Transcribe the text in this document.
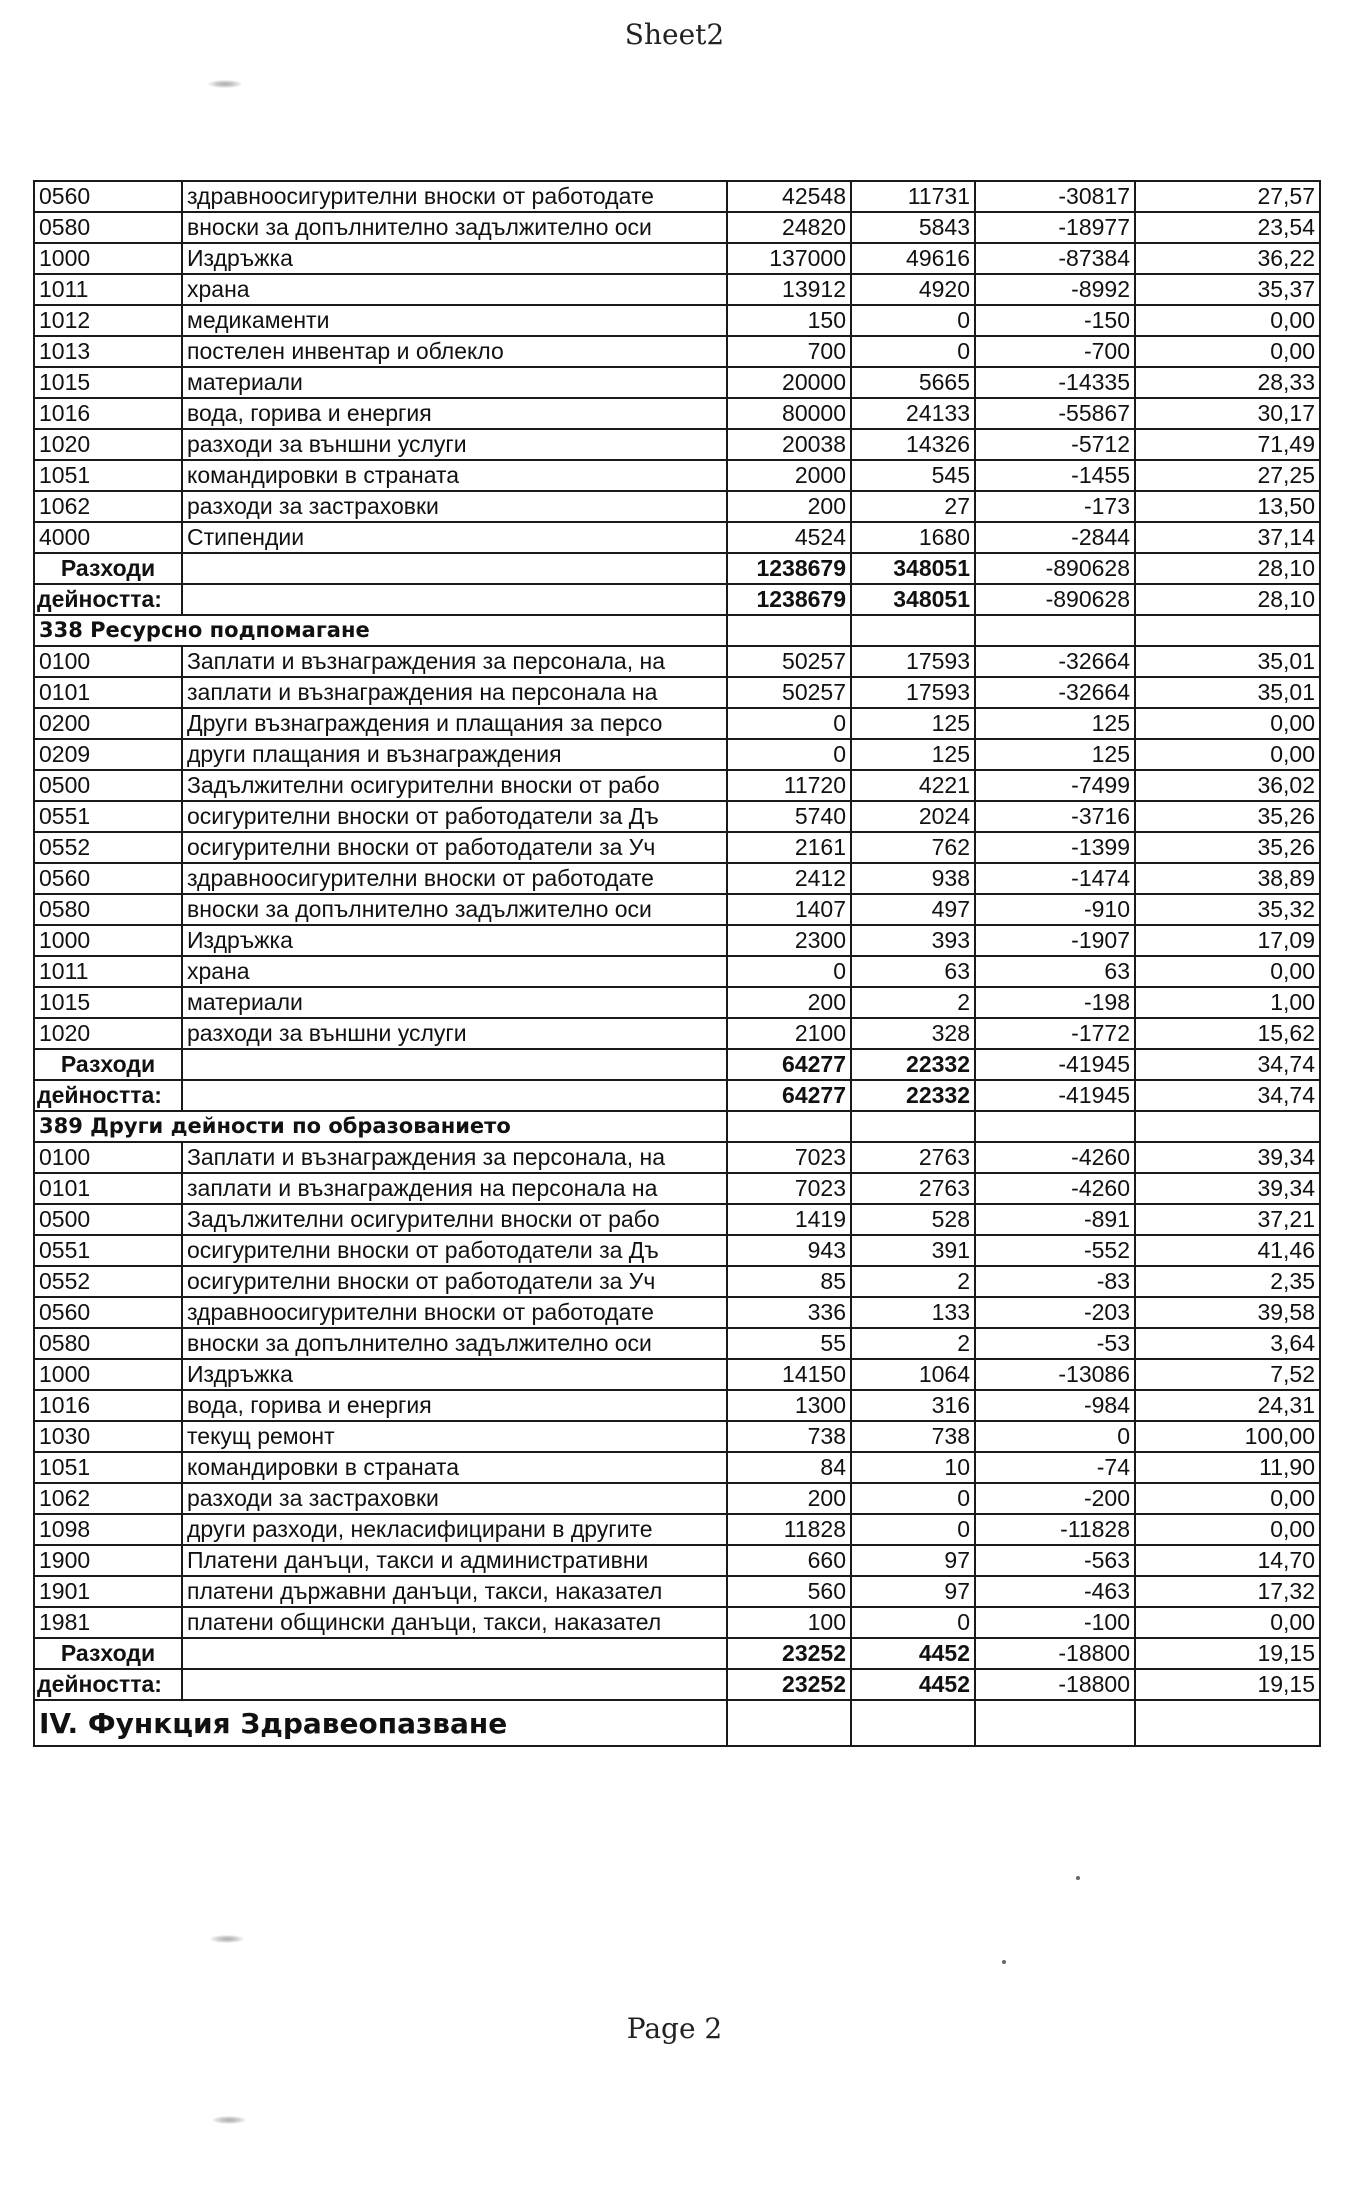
Sheet2
0560	здравноосигурителни вноски от работодате	42548	11731	-30817	27,57
0580	вноски за допълнително задължително оси	24820	5843	-18977	23,54
1000	Издръжка	137000	49616	-87384	36,22
1011	храна	13912	4920	-8992	35,37
1012	медикаменти	150	0	-150	0,00
1013	постелен инвентар и облекло	700	0	-700	0,00
1015	материали	20000	5665	-14335	28,33
1016	вода, горива и енергия	80000	24133	-55867	30,17
1020	разходи за външни услуги	20038	14326	-5712	71,49
1051	командировки в страната	2000	545	-1455	27,25
1062	разходи за застраховки	200	27	-173	13,50
4000	Стипендии	4524	1680	-2844	37,14
Разходи		1238679	348051	-890628	28,10
дейността:		1238679	348051	-890628	28,10
338 Ресурсно подпомагане					
0100	Заплати и възнаграждения за персонала, на	50257	17593	-32664	35,01
0101	заплати и възнаграждения на персонала на	50257	17593	-32664	35,01
0200	Други възнаграждения и плащания за персо	0	125	125	0,00
0209	други плащания и възнаграждения	0	125	125	0,00
0500	Задължителни осигурителни вноски от рабо	11720	4221	-7499	36,02
0551	осигурителни вноски от работодатели за Дъ	5740	2024	-3716	35,26
0552	осигурителни вноски от работодатели за Уч	2161	762	-1399	35,26
0560	здравноосигурителни вноски от работодате	2412	938	-1474	38,89
0580	вноски за допълнително задължително оси	1407	497	-910	35,32
1000	Издръжка	2300	393	-1907	17,09
1011	храна	0	63	63	0,00
1015	материали	200	2	-198	1,00
1020	разходи за външни услуги	2100	328	-1772	15,62
Разходи		64277	22332	-41945	34,74
дейността:		64277	22332	-41945	34,74
389 Други дейности по образованието					
0100	Заплати и възнаграждения за персонала, на	7023	2763	-4260	39,34
0101	заплати и възнаграждения на персонала на	7023	2763	-4260	39,34
0500	Задължителни осигурителни вноски от рабо	1419	528	-891	37,21
0551	осигурителни вноски от работодатели за Дъ	943	391	-552	41,46
0552	осигурителни вноски от работодатели за Уч	85	2	-83	2,35
0560	здравноосигурителни вноски от работодате	336	133	-203	39,58
0580	вноски за допълнително задължително оси	55	2	-53	3,64
1000	Издръжка	14150	1064	-13086	7,52
1016	вода, горива и енергия	1300	316	-984	24,31
1030	текущ ремонт	738	738	0	100,00
1051	командировки в страната	84	10	-74	11,90
1062	разходи за застраховки	200	0	-200	0,00
1098	други разходи, некласифицирани в другите	11828	0	-11828	0,00
1900	Платени данъци, такси и административни	660	97	-563	14,70
1901	платени държавни данъци, такси, наказател	560	97	-463	17,32
1981	платени общински данъци, такси, наказател	100	0	-100	0,00
Разходи		23252	4452	-18800	19,15
дейността:		23252	4452	-18800	19,15
IV. Функция Здравеопазване					
Page 2
